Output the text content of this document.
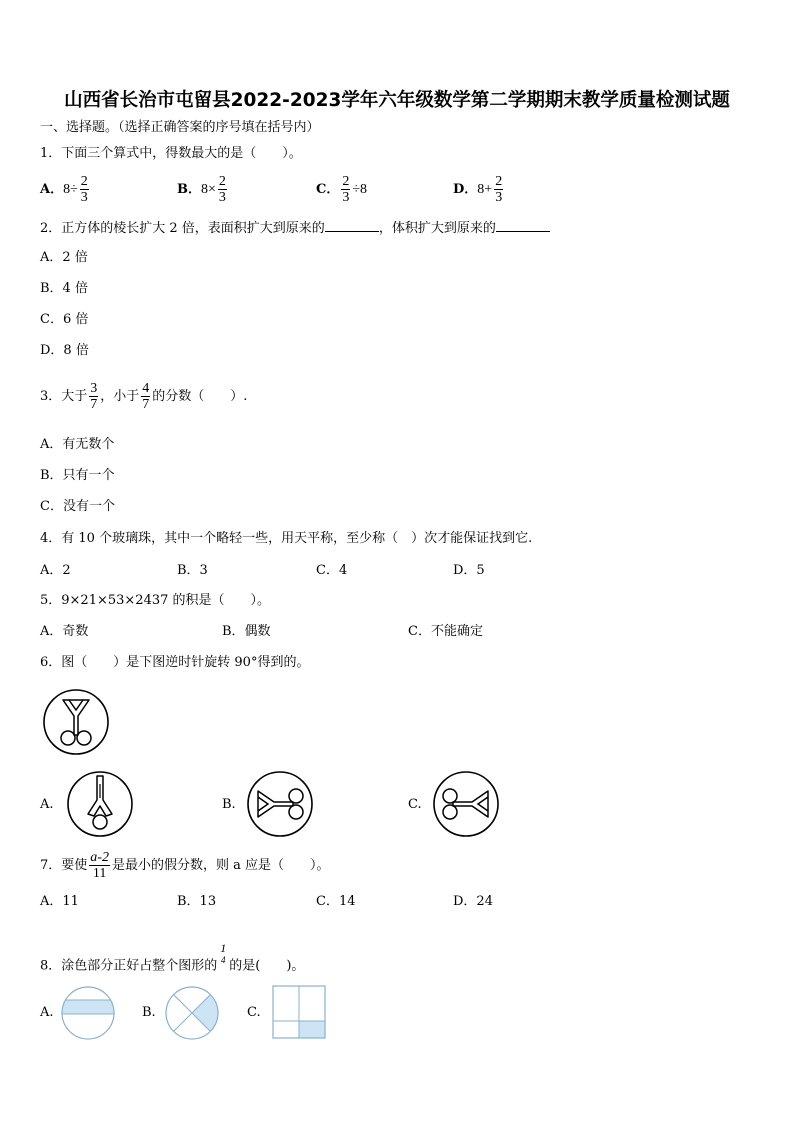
山西省长治市屯留县2022-2023学年六年级数学第二学期期末教学质量检测试题
一、选择题。（选择正确答案的序号填在括号内）
1．下面三个算式中，得数最大的是（　　）。
A．$8\div \frac{2}{3}$	B．$8\times \frac{2}{3}$	C． $\frac{2}{3} \div 8$	D．$8+ \frac{2}{3}$
2．正方体的棱长扩大 2 倍，表面积扩大到原来的	，体积扩大到原来的
A．2 倍
B．4 倍
C．6 倍
D．8 倍
3．大于 $\frac{3}{7}$ ，小于 $\frac{4}{7}$ 的分数（　　）.
A．有无数个
B．只有一个
C．没有一个
4．有 10 个玻璃珠，其中一个略轻一些，用天平称，至少称（　）次才能保证找到它.
A．2	B．3	C．4	D．5
5．9×21×53×2437 的积是（　　）。
A．奇数	B．偶数	C．不能确定
6．图（　　）是下图逆时针旋转 90°得到的。
A.	B.	C.
7．要使 $\frac{a-2}{11}$ 是最小的假分数，则 a 应是（　　）。
A．11	B．13	C．14	D．24
8．涂色部分正好占整个图形的
1
4 的是(　　)。
A.	B.	C.
